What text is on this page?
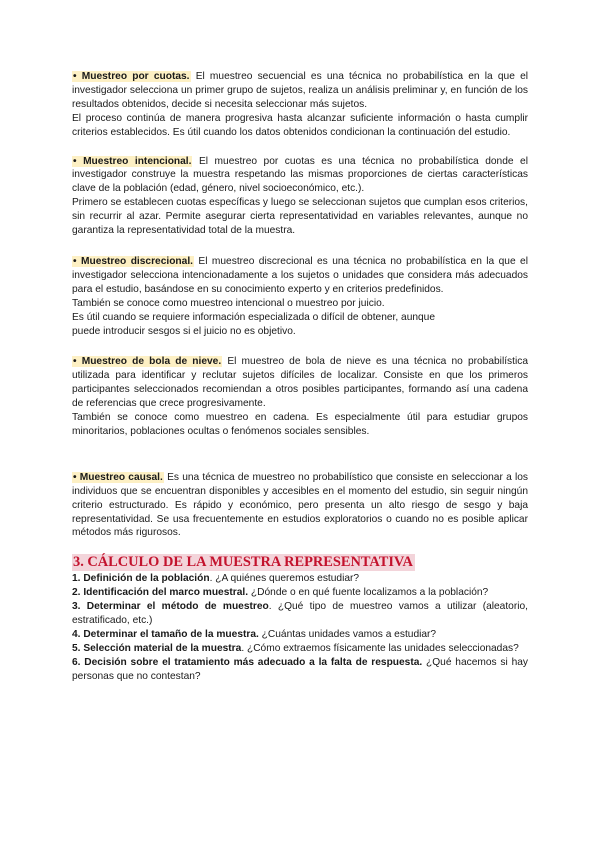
• Muestreo por cuotas. El muestreo secuencial es una técnica no probabilística en la que el investigador selecciona un primer grupo de sujetos, realiza un análisis preliminar y, en función de los resultados obtenidos, decide si necesita seleccionar más sujetos.

El proceso continúa de manera progresiva hasta alcanzar suficiente información o hasta cumplir criterios establecidos. Es útil cuando los datos obtenidos condicionan la continuación del estudio.

• Muestreo intencional. El muestreo por cuotas es una técnica no probabilística donde el investigador construye la muestra respetando las mismas proporciones de ciertas características clave de la población (edad, género, nivel socioeconómico, etc.).

Primero se establecen cuotas específicas y luego se seleccionan sujetos que cumplan esos criterios, sin recurrir al azar. Permite asegurar cierta representatividad en variables relevantes, aunque no garantiza la representatividad total de la muestra.

• Muestreo discrecional. El muestreo discrecional es una técnica no probabilística en la que el investigador selecciona intencionadamente a los sujetos o unidades que considera más adecuados para el estudio, basándose en su conocimiento experto y en criterios predefinidos.

También se conoce como muestreo intencional o muestreo por juicio.

Es útil cuando se requiere información especializada o difícil de obtener, aunque

puede introducir sesgos si el juicio no es objetivo.

• Muestreo de bola de nieve. El muestreo de bola de nieve es una técnica no probabilística utilizada para identificar y reclutar sujetos difíciles de localizar. Consiste en que los primeros participantes seleccionados recomiendan a otros posibles participantes, formando así una cadena de referencias que crece progresivamente.

También se conoce como muestreo en cadena. Es especialmente útil para estudiar grupos minoritarios, poblaciones ocultas o fenómenos sociales sensibles.

• Muestreo causal. Es una técnica de muestreo no probabilístico que consiste en seleccionar a los individuos que se encuentran disponibles y accesibles en el momento del estudio, sin seguir ningún criterio estructurado. Es rápido y económico, pero presenta un alto riesgo de sesgo y baja representatividad. Se usa frecuentemente en estudios exploratorios o cuando no es posible aplicar métodos más rigurosos.

3. CÁLCULO DE LA MUESTRA REPRESENTATIVA

1. Definición de la población. ¿A quiénes queremos estudiar?

2. Identificación del marco muestral. ¿Dónde o en qué fuente localizamos a la población?

3. Determinar el método de muestreo. ¿Qué tipo de muestreo vamos a utilizar (aleatorio, estratificado, etc.)

4. Determinar el tamaño de la muestra. ¿Cuántas unidades vamos a estudiar?

5. Selección material de la muestra. ¿Cómo extraemos físicamente las unidades seleccionadas?

6. Decisión sobre el tratamiento más adecuado a la falta de respuesta. ¿Qué hacemos si hay personas que no contestan?
